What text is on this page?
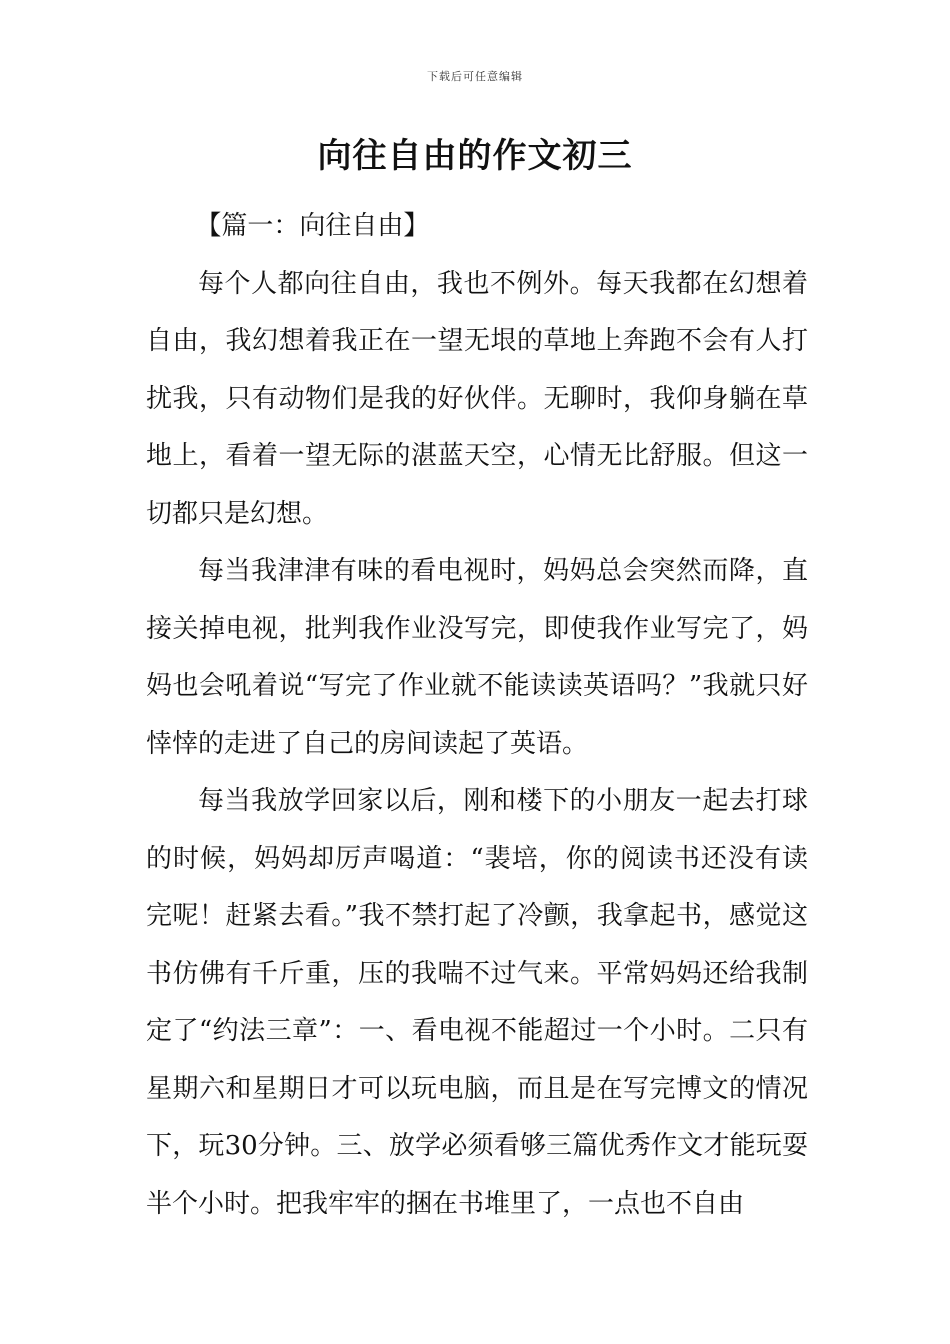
下载后可任意编辑
向往自由的作文初三

【篇一：向往自由】

每个人都向往自由，我也不例外。每天我都在幻想着自由，我幻想着我正在一望无垠的草地上奔跑不会有人打扰我，只有动物们是我的好伙伴。无聊时，我仰身躺在草地上，看着一望无际的湛蓝天空，心情无比舒服。但这一切都只是幻想。

每当我津津有味的看电视时，妈妈总会突然而降，直接关掉电视，批判我作业没写完，即使我作业写完了，妈妈也会吼着说“写完了作业就不能读读英语吗？”我就只好悻悻的走进了自己的房间读起了英语。

每当我放学回家以后，刚和楼下的小朋友一起去打球的时候，妈妈却厉声喝道：“裴培，你的阅读书还没有读完呢！赶紧去看。”我不禁打起了冷颤，我拿起书，感觉这书仿佛有千斤重，压的我喘不过气来。平常妈妈还给我制定了“约法三章”：一、看电视不能超过一个小时。二只有星期六和星期日才可以玩电脑，而且是在写完博文的情况下，玩30分钟。三、放学必须看够三篇优秀作文才能玩耍半个小时。把我牢牢的捆在书堆里了，一点也不自由
